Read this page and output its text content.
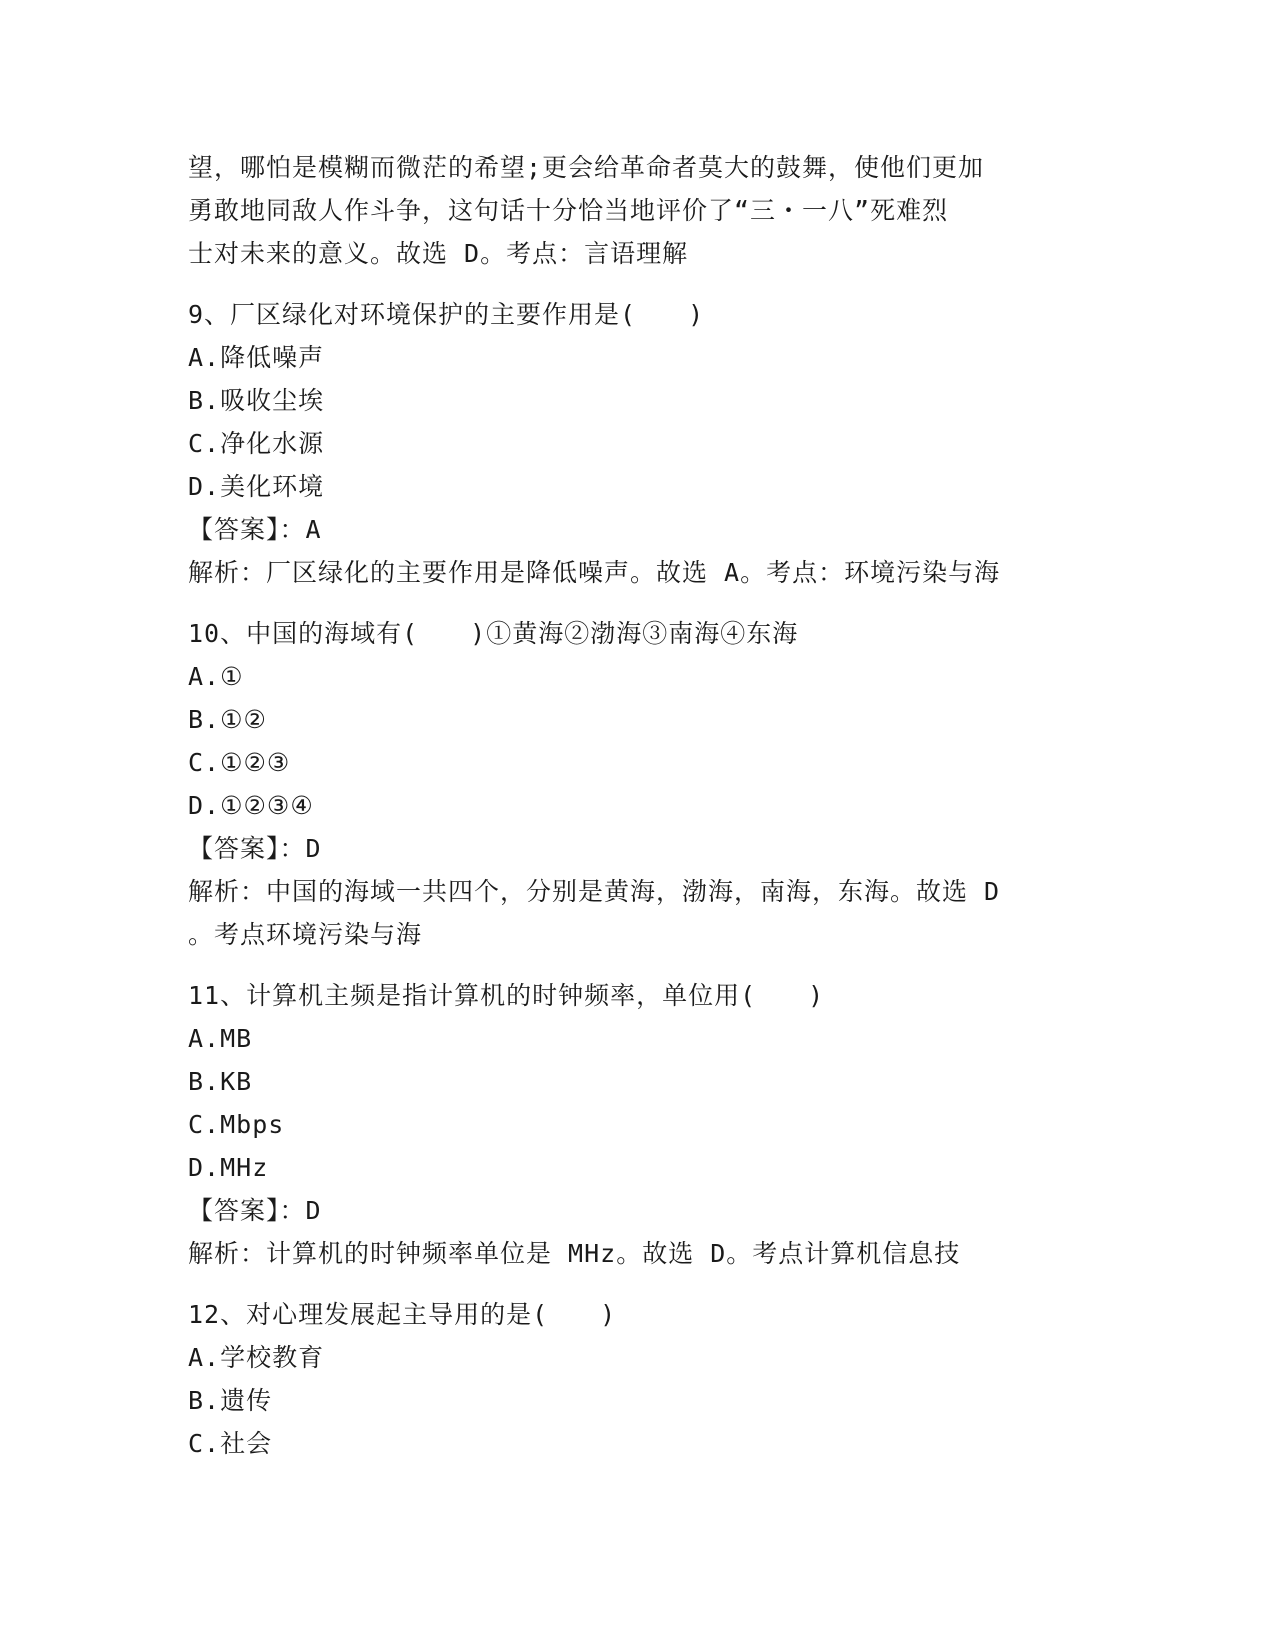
望，哪怕是模糊而微茫的希望;更会给革命者莫大的鼓舞，使他们更加
勇敢地同敌人作斗争，这句话十分恰当地评价了“三・一八”死难烈
士对未来的意义。故选 D。考点：言语理解
9、厂区绿化对环境保护的主要作用是(　　)
A.降低噪声
B.吸收尘埃
C.净化水源
D.美化环境
【答案】：A
解析：厂区绿化的主要作用是降低噪声。故选 A。考点：环境污染与海
10、中国的海域有(　　)①黄海②渤海③南海④东海
A.①
B.①②
C.①②③
D.①②③④
【答案】：D
解析：中国的海域一共四个，分别是黄海，渤海，南海，东海。故选 D
。考点环境污染与海
11、计算机主频是指计算机的时钟频率，单位用(　　)
A.MB
B.KB
C.Mbps
D.MHz
【答案】：D
解析：计算机的时钟频率单位是 MHz。故选 D。考点计算机信息技
12、对心理发展起主导用的是(　　)
A.学校教育
B.遗传
C.社会
